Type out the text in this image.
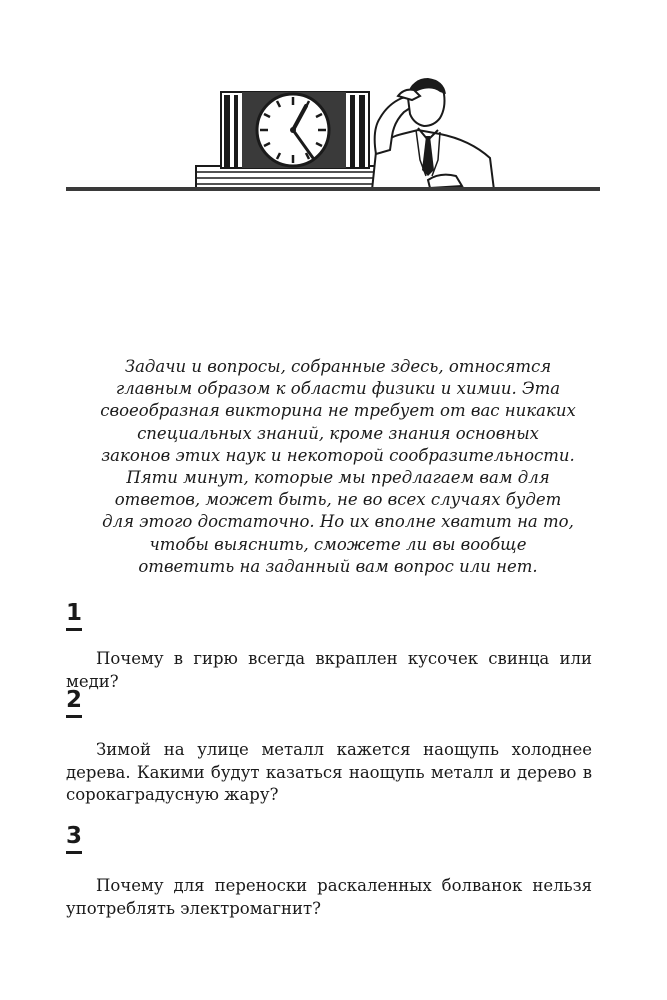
Задачи и вопросы, собранные здесь, относятся главным образом к области физики и химии. Эта своеобразная викторина не требует от вас никаких специальных знаний, кроме знания основных законов этих наук и некоторой сообразительности.

Пяти минут, которые мы предлагаем вам для ответов, может быть, не во всех случаях будет для этого достаточно. Но их вполне хватит на то, чтобы выяснить, сможете ли вы вообще ответить на заданный вам вопрос или нет.

1

Почему в гирю всегда вкраплен кусочек свинца или меди?

2

Зимой на улице металл кажется наощупь холоднее дерева. Какими будут казаться наощупь металл и дерево в сорокаградусную жару?

3

Почему для переноски раскаленных болванок нельзя употреблять электромагнит?
